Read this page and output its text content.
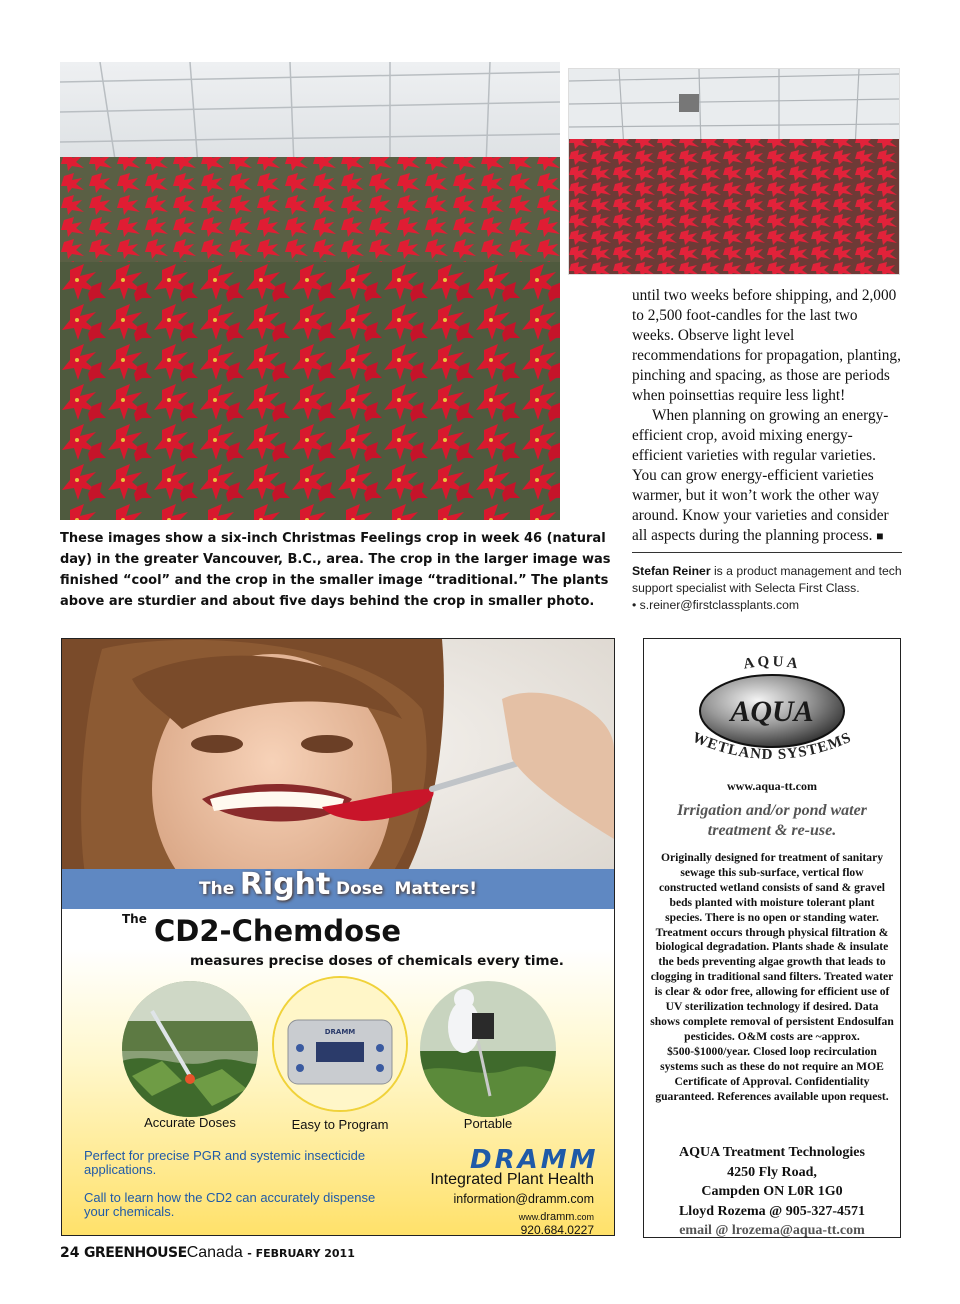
These images show a six-inch Christmas Feelings crop in week 46 (natural day) in the greater Vancouver, B.C., area. The crop in the larger image was finished “cool” and the crop in the smaller image “traditional.” The plants above are sturdier and about five days behind the crop in smaller photo.

until two weeks before shipping, and 2,000 to 2,500 foot-candles for the last two weeks. Observe light level recommendations for propagation, planting, pinching and spacing, as those are periods when poinsettias require less light!

When planning on growing an energy-efficient crop, avoid mixing energy-efficient varieties with regular varieties. You can grow energy-efficient varieties warmer, but it won’t work the other way around. Know your varieties and consider all aspects during the planning process. ■

Stefan Reiner is a product management and tech support specialist with Selecta First Class.
• s.reiner@firstclassplants.com
The Right Dose Matters!
The CD2-Chemdose
measures precise doses of chemicals every time.
DRAMM
Accurate Doses	Easy to Program	Portable
Perfect for precise PGR and systemic insecticide applications.
Call to learn how the CD2 can accurately dispense your chemicals.
DRAMM
Integrated Plant Health
information@dramm.com
www.dramm.com
920.684.0227
AQUA
AQUA
WETLAND SYSTEMS
www.aqua-tt.com
Irrigation and/or pond water
treatment & re-use.
Originally designed for treatment of sanitary sewage this sub-surface, vertical flow constructed wetland consists of sand & gravel beds planted with moisture tolerant plant species. There is no open or standing water. Treatment occurs through physical filtration & biological degradation. Plants shade & insulate the beds preventing algae growth that leads to clogging in traditional sand filters. Treated water is clear & odor free, allowing for efficient use of UV sterilization technology if desired. Data shows complete removal of persistent Endosulfan pesticides. O&M costs are ~approx. $500-$1000/year. Closed loop recirculation systems such as these do not require an MOE Certificate of Approval. Confidentiality guaranteed. References available upon request.
AQUA Treatment Technologies
4250 Fly Road,
Campden ON L0R 1G0
Lloyd Rozema @ 905-327-4571
email @ lrozema@aqua-tt.com
24 GREENHOUSECanada - FEBRUARY 2011
